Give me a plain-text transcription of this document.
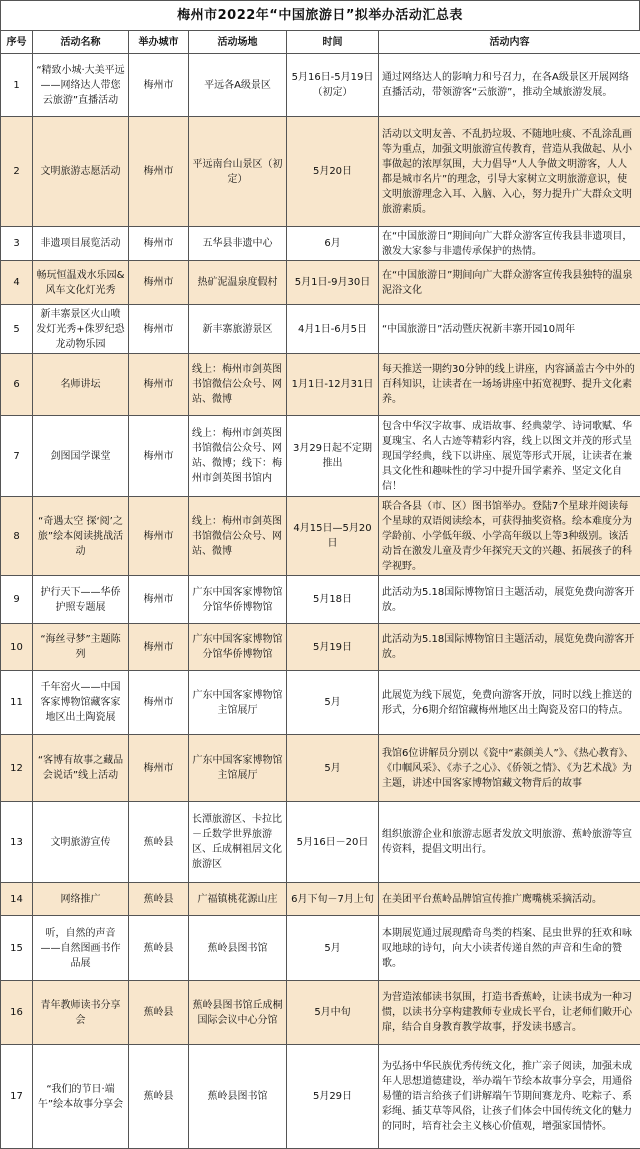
梅州市2022年“中国旅游日”拟举办活动汇总表
序号	活动名称	举办城市	活动场地	时间	活动内容
1	“精致小城·大美平远——网络达人带您云旅游”直播活动	梅州市	平远各A级景区	5月16日-5月19日（初定）	通过网络达人的影响力和号召力，在各A级景区开展网络直播活动，带领游客“云旅游”，推动全域旅游发展。
2	文明旅游志愿活动	梅州市	平远南台山景区（初定）	5月20日	活动以文明友善、不乱扔垃圾、不随地吐痰、不乱涂乱画等为重点，加强文明旅游宣传教育，营造从我做起、从小事做起的浓厚氛围，大力倡导“人人争做文明游客，人人都是城市名片”的理念，引导大家树立文明旅游意识，使文明旅游理念入耳、入脑、入心，努力提升广大群众文明旅游素质。
3	非遗项目展览活动	梅州市	五华县非遗中心	6月	在“中国旅游日”期间向广大群众游客宣传我县非遗项目，激发大家参与非遗传承保护的热情。
4	畅玩恒温戏水乐园&风车文化灯光秀	梅州市	热矿泥温泉度假村	5月1日-9月30日	在“中国旅游日”期间向广大群众游客宣传我县独特的温泉泥浴文化
5	新丰寨景区火山喷发灯光秀+侏罗纪恐龙动物乐园	梅州市	新丰寨旅游景区	4月1日-6月5日	“中国旅游日”活动暨庆祝新丰寨开园10周年
6	名师讲坛	梅州市	线上：梅州市剑英图书馆微信公众号、网站、微博	1月1日-12月31日	每天推送一期约30分钟的线上讲座，内容涵盖古今中外的百科知识，让读者在一场场讲座中拓宽视野、提升文化素养。
7	剑图国学课堂	梅州市	线上：梅州市剑英图书馆微信公众号、网站、微博；线下：梅州市剑英图书馆内	3月29日起不定期推出	包含中华汉字故事、成语故事、经典蒙学、诗词歌赋、华夏瑰宝、名人古迹等精彩内容，线上以图文并茂的形式呈现国学经典，线下以讲座、展览等形式开展，让读者在兼具文化性和趣味性的学习中提升国学素养、坚定文化自信！
8	“奇遇太空 探‘阅’之旅”绘本阅读挑战活动	梅州市	线上：梅州市剑英图书馆微信公众号、网站、微博	4月15日—5月20日	联合各县（市、区）图书馆举办。登陆7个星球并阅读每个星球的双语阅读绘本，可获得抽奖资格。绘本难度分为学龄前、小学低年级、小学高年级以上等3种级别。该活动旨在激发儿童及青少年探究天文的兴趣、拓展孩子的科学视野。
9	护行天下——华侨护照专题展	梅州市	广东中国客家博物馆分馆华侨博物馆	5月18日	此活动为5.18国际博物馆日主题活动，展览免费向游客开放。
10	“海丝寻梦”主题陈列	梅州市	广东中国客家博物馆分馆华侨博物馆	5月19日	此活动为5.18国际博物馆日主题活动，展览免费向游客开放。
11	千年窑火——中国客家博物馆藏客家地区出土陶瓷展	梅州市	广东中国客家博物馆主馆展厅	5月	此展览为线下展览，免费向游客开放，同时以线上推送的形式，分6期介绍馆藏梅州地区出土陶瓷及窑口的特点。
12	“客博有故事之藏品会说话”线上活动	梅州市	广东中国客家博物馆主馆展厅	5月	我馆6位讲解员分别以《瓷中“素颜美人”》、《热心教育》、《巾帼风采》、《赤子之心》、《侨领之情》、《为艺术战》为主题，讲述中国客家博物馆藏文物背后的故事
13	文明旅游宣传	蕉岭县	长潭旅游区、卡拉比－丘数学世界旅游区、丘成桐祖居文化旅游区	5月16日－20日	组织旅游企业和旅游志愿者发放文明旅游、蕉岭旅游等宣传资料，提倡文明出行。
14	网络推广	蕉岭县	广福镇桃花源山庄	6月下旬－7月上旬	在美团平台蕉岭品牌馆宣传推广鹰嘴桃采摘活动。
15	听，自然的声音——自然图画书作品展	蕉岭县	蕉岭县图书馆	5月	本期展览通过展现酷奇鸟类的档案、昆虫世界的狂欢和咏叹地球的诗句，向大小读者传递自然的声音和生命的赞歌。
16	青年教师读书分享会	蕉岭县	蕉岭县图书馆丘成桐国际会议中心分馆	5月中旬	为营造浓郁读书氛围，打造书香蕉岭，让读书成为一种习惯，以读书分享构建教师专业成长平台，让老师们敞开心扉，结合自身教育教学故事，抒发读书感言。
17	“我们的节日·端午”绘本故事分享会	蕉岭县	蕉岭县图书馆	5月29日	为弘扬中华民族优秀传统文化，推广亲子阅读，加强未成年人思想道德建设，举办端午节绘本故事分享会，用通俗易懂的语言给孩子们讲解端午节期间赛龙舟、吃粽子、系彩绳、插艾草等风俗，让孩子们体会中国传统文化的魅力的同时，培育社会主义核心价值观，增强家国情怀。
